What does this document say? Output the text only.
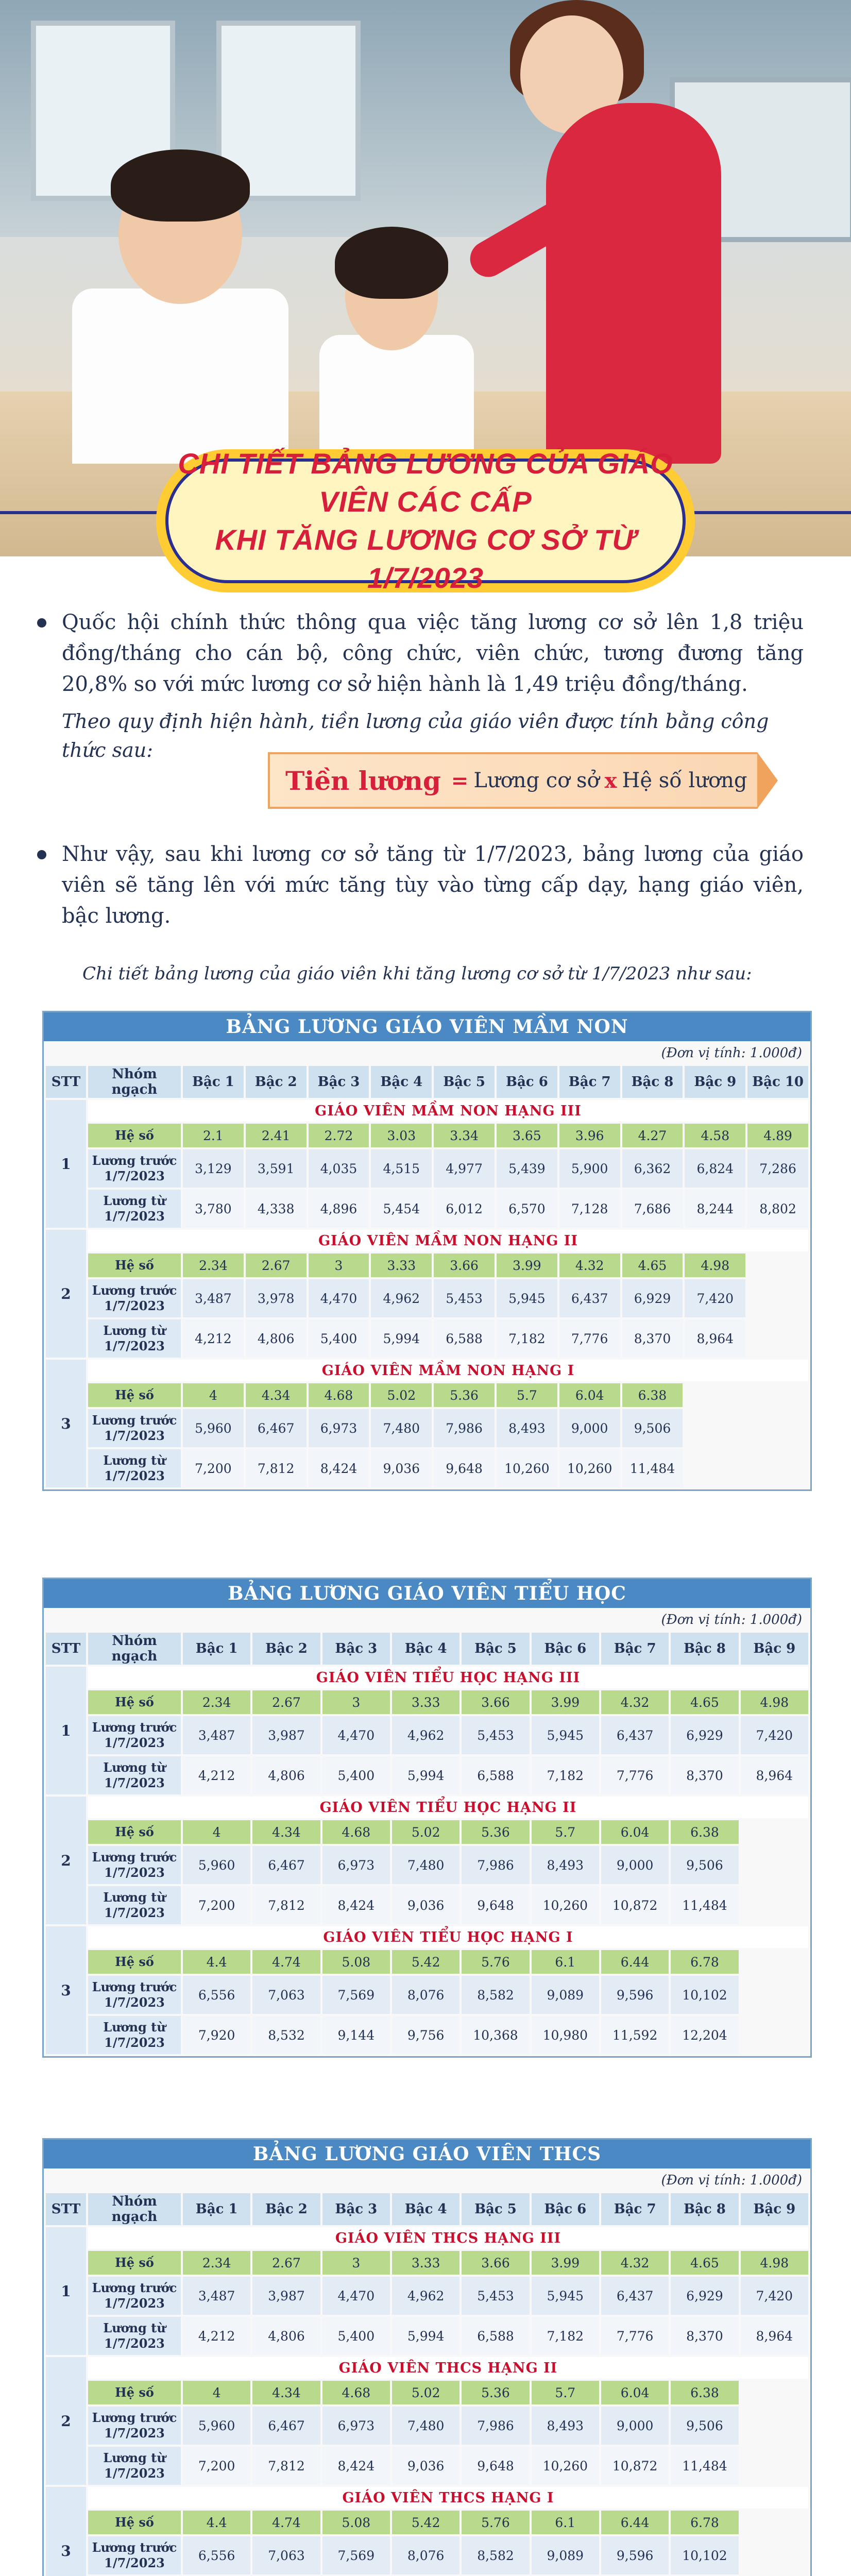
CHI TIẾT BẢNG LƯƠNG CỦA GIÁO VIÊN CÁC CẤP
KHI TĂNG LƯƠNG CƠ SỞ TỪ 1/7/2023
Quốc hội chính thức thông qua việc tăng lương cơ sở lên 1,8 triệu đồng/tháng cho cán bộ, công chức, viên chức, tương đương tăng 20,8% so với mức lương cơ sở hiện hành là 1,49 triệu đồng/tháng.
Theo quy định hiện hành, tiền lương của giáo viên được tính bằng công thức sau:
Tiền lương = Lương cơ sở x Hệ số lương
Như vậy, sau khi lương cơ sở tăng từ 1/7/2023, bảng lương của giáo viên sẽ tăng lên với mức tăng tùy vào từng cấp dạy, hạng giáo viên, bậc lương.
Chi tiết bảng lương của giáo viên khi tăng lương cơ sở từ 1/7/2023 như sau:
BẢNG LƯƠNG GIÁO VIÊN MẦM NON
(Đơn vị tính: 1.000đ)
STT	Nhóm ngạch	Bậc 1	Bậc 2	Bậc 3	Bậc 4	Bậc 5	Bậc 6	Bậc 7	Bậc 8	Bậc 9	Bậc 10
1	GIÁO VIÊN MẦM NON HẠNG III										
	Hệ số	2.1	2.41	2.72	3.03	3.34	3.65	3.96	4.27	4.58	4.89
	Lương trước 1/7/2023	3,129	3,591	4,035	4,515	4,977	5,439	5,900	6,362	6,824	7,286
	Lương từ 1/7/2023	3,780	4,338	4,896	5,454	6,012	6,570	7,128	7,686	8,244	8,802
2	GIÁO VIÊN MẦM NON HẠNG II										
	Hệ số	2.34	2.67	3	3.33	3.66	3.99	4.32	4.65	4.98	
	Lương trước 1/7/2023	3,487	3,978	4,470	4,962	5,453	5,945	6,437	6,929	7,420	
	Lương từ 1/7/2023	4,212	4,806	5,400	5,994	6,588	7,182	7,776	8,370	8,964	
3	GIÁO VIÊN MẦM NON HẠNG I										
	Hệ số	4	4.34	4.68	5.02	5.36	5.7	6.04	6.38		
	Lương trước 1/7/2023	5,960	6,467	6,973	7,480	7,986	8,493	9,000	9,506		
	Lương từ 1/7/2023	7,200	7,812	8,424	9,036	9,648	10,260	10,260	11,484		
BẢNG LƯƠNG GIÁO VIÊN TIỂU HỌC
(Đơn vị tính: 1.000đ)
STT	Nhóm ngạch	Bậc 1	Bậc 2	Bậc 3	Bậc 4	Bậc 5	Bậc 6	Bậc 7	Bậc 8	Bậc 9
1	GIÁO VIÊN TIỂU HỌC HẠNG III									
	Hệ số	2.34	2.67	3	3.33	3.66	3.99	4.32	4.65	4.98
	Lương trước 1/7/2023	3,487	3,987	4,470	4,962	5,453	5,945	6,437	6,929	7,420
	Lương từ 1/7/2023	4,212	4,806	5,400	5,994	6,588	7,182	7,776	8,370	8,964
2	GIÁO VIÊN TIỂU HỌC HẠNG II									
	Hệ số	4	4.34	4.68	5.02	5.36	5.7	6.04	6.38	
	Lương trước 1/7/2023	5,960	6,467	6,973	7,480	7,986	8,493	9,000	9,506	
	Lương từ 1/7/2023	7,200	7,812	8,424	9,036	9,648	10,260	10,872	11,484	
3	GIÁO VIÊN TIỂU HỌC HẠNG I									
	Hệ số	4.4	4.74	5.08	5.42	5.76	6.1	6.44	6.78	
	Lương trước 1/7/2023	6,556	7,063	7,569	8,076	8,582	9,089	9,596	10,102	
	Lương từ 1/7/2023	7,920	8,532	9,144	9,756	10,368	10,980	11,592	12,204	
BẢNG LƯƠNG GIÁO VIÊN THCS
(Đơn vị tính: 1.000đ)
STT	Nhóm ngạch	Bậc 1	Bậc 2	Bậc 3	Bậc 4	Bậc 5	Bậc 6	Bậc 7	Bậc 8	Bậc 9
1	GIÁO VIÊN THCS HẠNG III									
	Hệ số	2.34	2.67	3	3.33	3.66	3.99	4.32	4.65	4.98
	Lương trước 1/7/2023	3,487	3,987	4,470	4,962	5,453	5,945	6,437	6,929	7,420
	Lương từ 1/7/2023	4,212	4,806	5,400	5,994	6,588	7,182	7,776	8,370	8,964
2	GIÁO VIÊN THCS HẠNG II									
	Hệ số	4	4.34	4.68	5.02	5.36	5.7	6.04	6.38	
	Lương trước 1/7/2023	5,960	6,467	6,973	7,480	7,986	8,493	9,000	9,506	
	Lương từ 1/7/2023	7,200	7,812	8,424	9,036	9,648	10,260	10,872	11,484	
3	GIÁO VIÊN THCS HẠNG I									
	Hệ số	4.4	4.74	5.08	5.42	5.76	6.1	6.44	6.78	
	Lương trước 1/7/2023	6,556	7,063	7,569	8,076	8,582	9,089	9,596	10,102	
